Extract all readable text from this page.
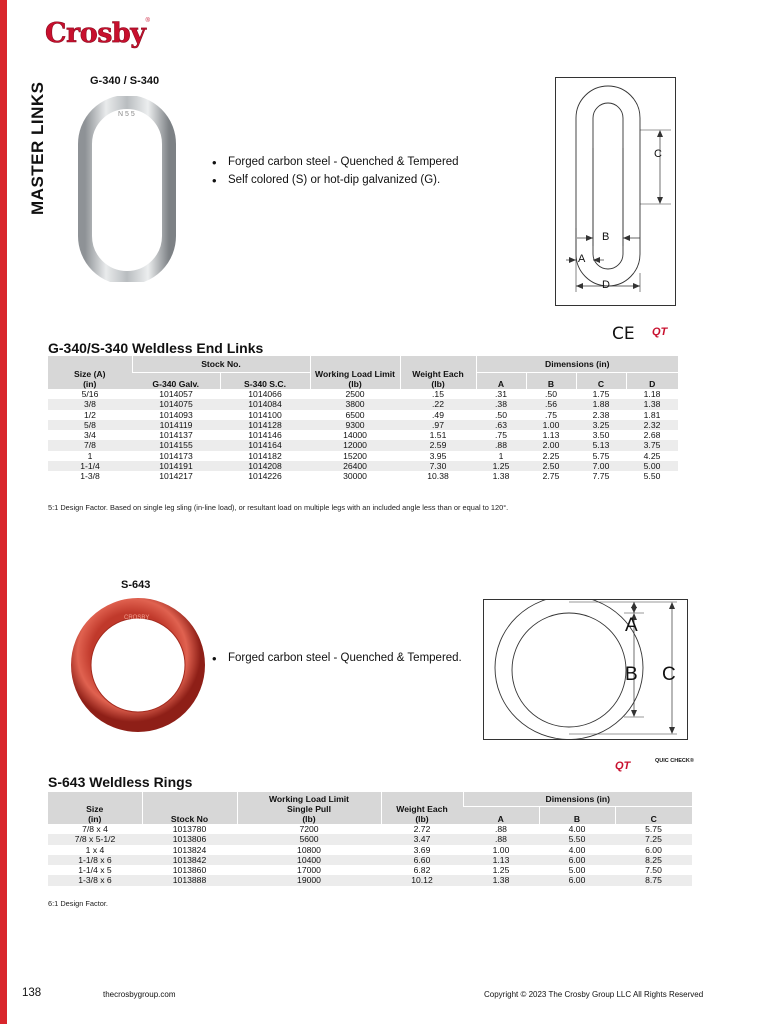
MASTER LINKS
Crosby®
G-340 / S-340
N 5 5
• Forged carbon steel - Quenched & Tempered
• Self colored (S) or hot-dip galvanized (G).
C
B
A
D
CE QT
G-340/S-340 Weldless End Links
Size (A)
(in)	Stock No.		Working Load Limit
(lb)	Weight Each
(lb)	Dimensions (in)			
	G-340 Galv.	S-340 S.C.			A	B	C	D
5/16	1014057	1014066	2500	.15	.31	.50	1.75	1.18
3/8	1014075	1014084	3800	.22	.38	.56	1.88	1.38
1/2	1014093	1014100	6500	.49	.50	.75	2.38	1.81
5/8	1014119	1014128	9300	.97	.63	1.00	3.25	2.32
3/4	1014137	1014146	14000	1.51	.75	1.13	3.50	2.68
7/8	1014155	1014164	12000	2.59	.88	2.00	5.13	3.75
1	1014173	1014182	15200	3.95	1	2.25	5.75	4.25
1-1/4	1014191	1014208	26400	7.30	1.25	2.50	7.00	5.00
1-3/8	1014217	1014226	30000	10.38	1.38	2.75	7.75	5.50
5:1 Design Factor. Based on single leg sling (in-line load), or resultant load on multiple legs with an included angle less than or equal to 120°.
S-643
CROSBY
• Forged carbon steel - Quenched & Tempered.
A
B C
QT	QUIC CHECK®
S-643 Weldless Rings
Size
(in)	Stock No	Working Load Limit
Single Pull
(lb)	Weight Each
(lb)	Dimensions (in)		
				A	B	C
7/8 x 4	1013780	7200	2.72	.88	4.00	5.75
7/8 x 5-1/2	1013806	5600	3.47	.88	5.50	7.25
1 x 4	1013824	10800	3.69	1.00	4.00	6.00
1-1/8 x 6	1013842	10400	6.60	1.13	6.00	8.25
1-1/4 x 5	1013860	17000	6.82	1.25	5.00	7.50
1-3/8 x 6	1013888	19000	10.12	1.38	6.00	8.75
6:1 Design Factor.
138	thecrosbygroup.com	Copyright © 2023 The Crosby Group LLC All Rights Reserved
